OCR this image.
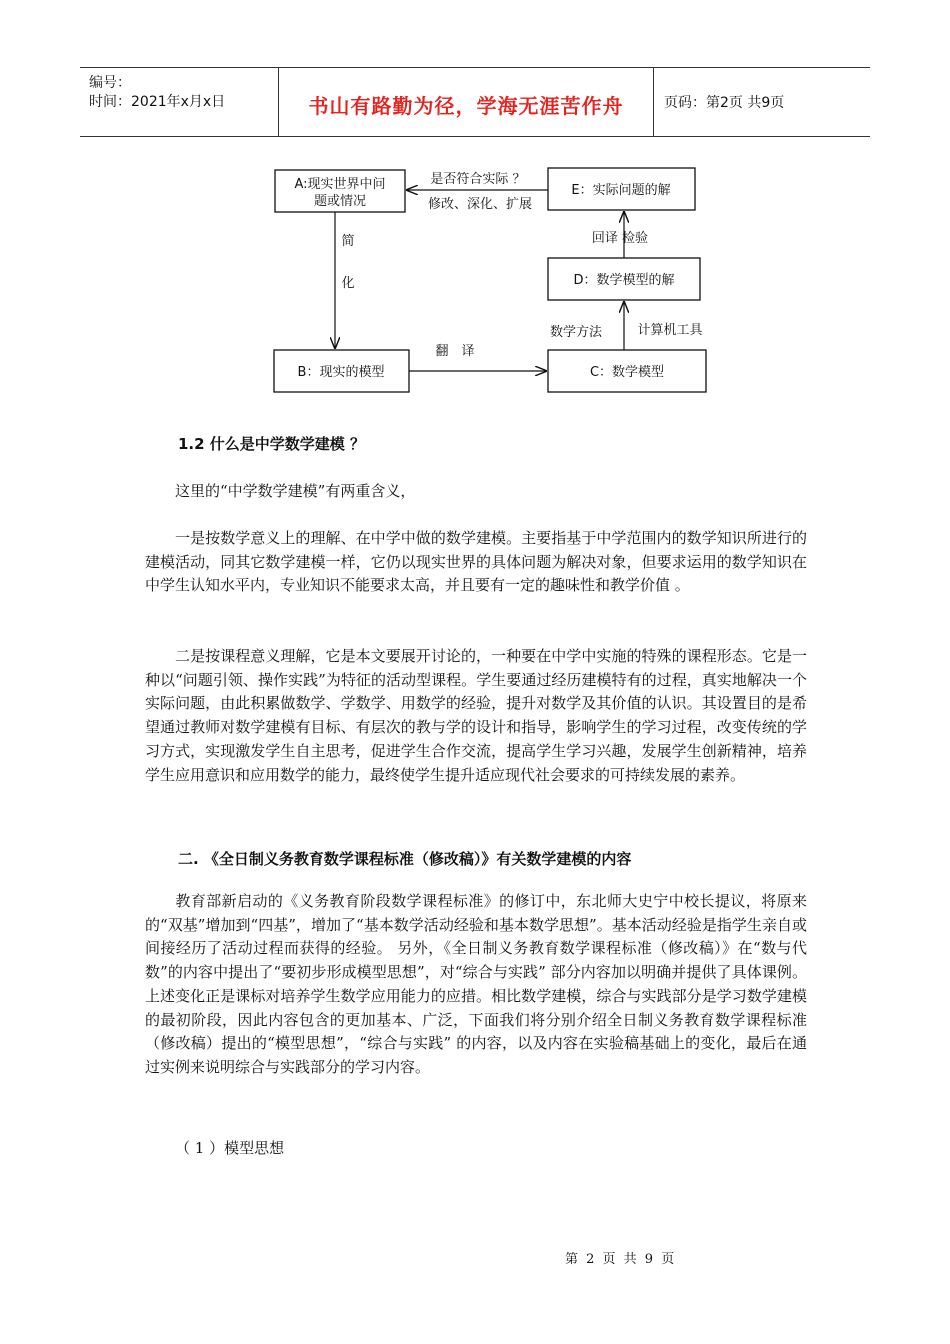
编号：
时间：2021年x月x日	书山有路勤为径，学海无涯苦作舟	页码：第2页 共9页
A:现实世界中问
题或情况
E：实际问题的解
D：数学模型的解
B：现实的模型	C：数学模型
是否符合实际 ？
修改、深化、扩展
简
化
翻　译
数学方法	计算机工具
回译 检验
1.2 什么是中学数学建模 ？
这里的“中学数学建模”有两重含义，
一是按数学意义上的理解、在中学中做的数学建模。主要指基于中学范围内的数学知识所进行的建模活动，同其它数学建模一样，它仍以现实世界的具体问题为解决对象，但要求运用的数学知识在中学生认知水平内，专业知识不能要求太高，并且要有一定的趣味性和教学价值 。
二是按课程意义理解，它是本文要展开讨论的，一种要在中学中实施的特殊的课程形态。它是一种以“问题引领、操作实践”为特征的活动型课程。学生要通过经历建模特有的过程，真实地解决一个实际问题，由此积累做数学、学数学、用数学的经验，提升对数学及其价值的认识。其设置目的是希望通过教师对数学建模有目标、有层次的教与学的设计和指导，影响学生的学习过程，改变传统的学习方式，实现激发学生自主思考，促进学生合作交流，提高学生学习兴趣，发展学生创新精神，培养学生应用意识和应用数学的能力，最终使学生提升适应现代社会要求的可持续发展的素养。
二. 《全日制义务教育数学课程标准（修改稿）》有关数学建模的内容
教育部新启动的《义务教育阶段数学课程标准》的修订中，东北师大史宁中校长提议，将原来的“双基”增加到“四基”，增加了“基本数学活动经验和基本数学思想”。基本活动经验是指学生亲自或间接经历了活动过程而获得的经验。 另外，《全日制义务教育数学课程标准（修改稿）》在“数与代数”的内容中提出了“要初步形成模型思想”，对“综合与实践” 部分内容加以明确并提供了具体课例。上述变化正是课标对培养学生数学应用能力的应措。相比数学建模，综合与实践部分是学习数学建模的最初阶段，因此内容包含的更加基本、广泛，下面我们将分别介绍全日制义务教育数学课程标准（修改稿）提出的“模型思想”，“综合与实践” 的内容，以及内容在实验稿基础上的变化，最后在通过实例来说明综合与实践部分的学习内容。
（ 1 ）模型思想
第 2 页 共 9 页
